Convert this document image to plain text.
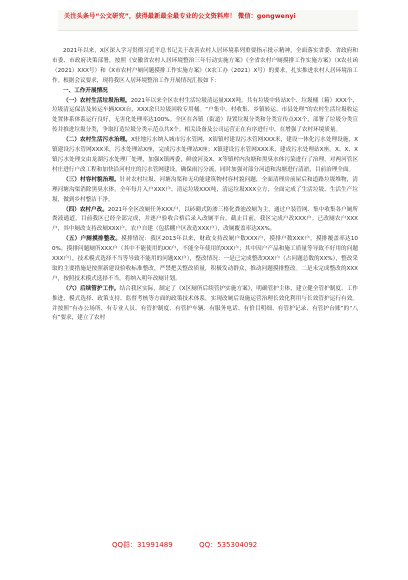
关注头条号“公文研究”，获得最新最全最专业的公文资料库！ 微信：gongwenyi

2021年以来，X区深入学习贯彻习近平总书记关于改善农村人居环境系列重要指示批示精神，全面落实省委、省政府和市委、市政府决策部署，按照《安徽省农村人居环境整治三年行动实施方案》《全省农村户厕摸排工作实施方案》（X农社函（2021）XXX号）和《X市农村户厕问题摸排工作实施方案》（X农工办（2021）X号）的要求，扎实推进农村人居环境治工作。根据会议要求，现将我区人居环境整治工作开展情况汇报如下：

一、工作开展情况

（一）农村生活垃圾治理。2021年以来全区农村生活垃圾清运量XXX吨，共有垃圾中转站X个、垃圾桶（箱）XXX个、垃圾清运保洁及转运车辆XXX台，XXX余只垃圾回收专用桶。“户集中、村收集、乡镇转运、市县处理”的农村生活垃圾收运处置体系体系运行良好，无害化处理率达100%。全区在各镇（街道）设置垃圾分类和分类宣传点XX个，部署了垃圾分类宣传并推进垃圾分类，争取打造垃圾分类示范点共X个。相关设备及公司运营正在有序进行中，在增强了农村环境质量。

（二）农村生活污水治理。X驻地污水纳入城市污水管网，X街镇村建设污水管网XXX米，建设一体化污水处理设施，X镇建设污水管网XXX米，污水处理站X座，完成污水处理站X座；X镇建设污水管网XXX米，建成污水处理站X座。X、X、X镇污水处理交由龙湖污水处理厂处理，加强X镇两委，鲜放河及X、X等镇村内沟塘和黑臭水体污染进行了治理，对两河管区村庄进行户改工程和加快沿河村庄的污水管网建设，确保雨污分流，同时加强对部分河道和沟塘进行清淤，目前治理全面。

（三）村容村貌治理。针对农村垃圾、河塘沟渠和无功能建筑物村容村貌问题，全面清理房前屋后和道路垃圾堆物，清理河塘沟渠消除黑臭水体。全年每月入户XXX户，清运垃圾XXX吨，清运垃圾XXX立方，全面完成了生活垃圾、生活生产垃圾，做到乡村整洁干净。

（四）农村户改。2021年全区改厕任务XXX户，以砖砌式防渗三格化粪池改厕为主，通过户装管网、集中收集各户厕所粪液通道，目前我区已经全部完成，并逐户验收合格后录入改厕平台。截止目前，我区完成户改XXX户。已改厕农户XXX户，其中厕改支持改厕XXX户，农户自建（包括棚户区改造XXX户），改厕覆盖率达XX%。

（五）户厕摸排整改。摸排情况：我区2013年以来，财政支持改厕户数XXX户，摸排户数XXX户，摸排覆盖率达100%。摸排问题厕所XXX户（其中不能使用的XX户，不能全年使用的XXX户；其中因户产品和施工质量等导致不好用的问题XXX户），技术模式选择不当等导致不能用的问题XX户），整改情况：一是已完成整改XXX户（占问题总数的XX%），整改采取的主要措施是按照新建设验收标准整改，严禁把关整改质量，积极发动群众，推动问题摸排整改。二是未完成整改的XXX户，按照技术模式选择不当，将纳入明年改厕计划。

（六）后续管护工作。结合我区实际，制定了《X区厕所后续管护实施方案》，明确管护主体、建立健全管护制度、工作推进、模式选择、政策支持、监督考核等方面的政策技术体系，实现改厕后设施运营治理长效化利用与长效管护运行有效。并按照“有办公场所、有专业人员、有管护制度、有管护车辆、有服务电话、有价目明细、有管护记录、有管护台账”的“八有”要求，建立了农村

QQ群：31991489	QQ：535304092
